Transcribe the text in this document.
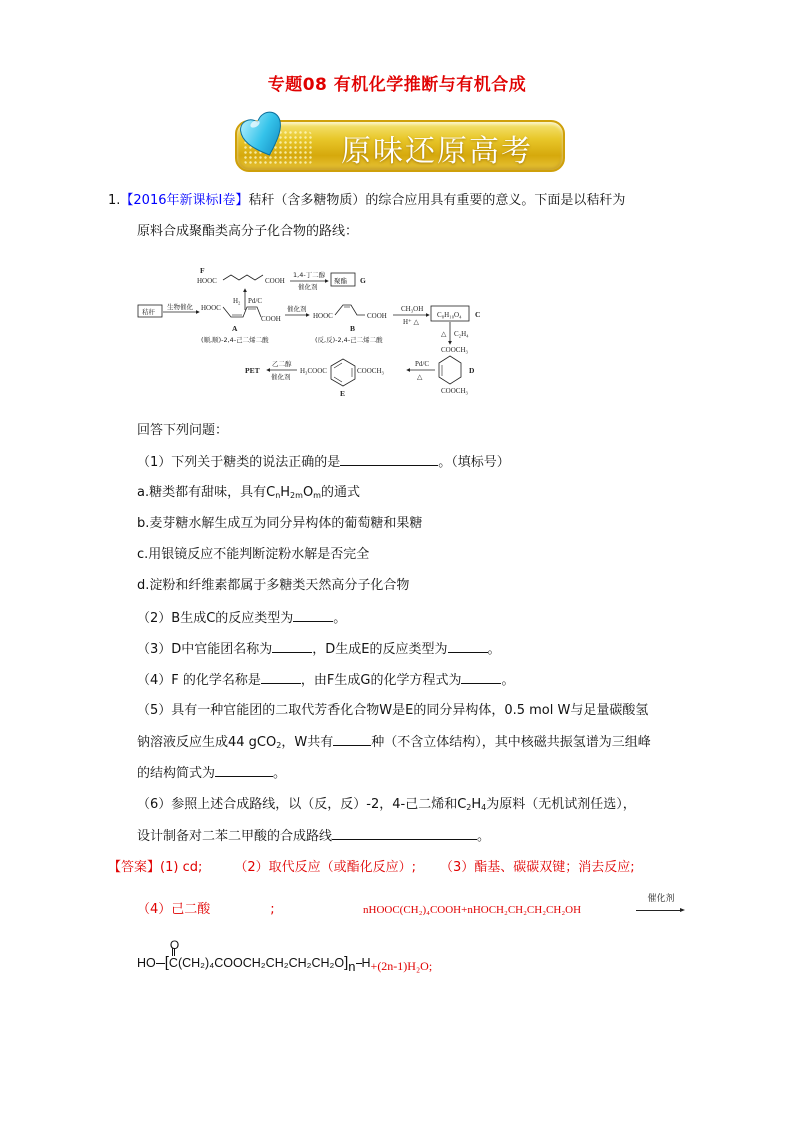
专题08 有机化学推断与有机合成
原味还原高考
1.【2016年新课标Ⅰ卷】秸秆（含多糖物质）的综合应用具有重要的意义。下面是以秸秆为
原料合成聚酯类高分子化合物的路线：
F
HOOC	COOH
1,4-丁二醇
催化剂
聚酯 G
H₂ Pd/C
秸秆
生物催化 HOOC
COOH
A
(顺,顺)-2,4-己二烯二酸
催化剂
HOOC	COOH
B
(反,反)-2,4-己二烯二酸
CH₃OH
H⁺ △
C₈H₁₀O₄ C
△ C₂H₄
COOCH₃
COOCH₃
D
Pd/C
△
COOCH₃
H₃COOC
E
乙二醇
催化剂
PET
回答下列问题：
（1）下列关于糖类的说法正确的是	。（填标号）
a.糖类都有甜味，具有$C_nH_{2m}O_m$的通式
b.麦芽糖水解生成互为同分异构体的葡萄糖和果糖
c.用银镜反应不能判断淀粉水解是否完全
d.淀粉和纤维素都属于多糖类天然高分子化合物
（2）B生成C的反应类型为	。
（3）D中官能团名称为	，D生成E的反应类型为	。
（4）F 的化学名称是	，由F生成G的化学方程式为	。
（5）具有一种官能团的二取代芳香化合物W是E的同分异构体，0.5 mol W与足量碳酸氢
钠溶液反应生成44 gCO$_2$，W共有	种（不含立体结构），其中核磁共振氢谱为三组峰
的结构简式为	。
（6）参照上述合成路线，以（反，反）-2，4-己二烯和$C_2H_4$为原料（无机试剂任选），
设计制备对二苯二甲酸的合成路线	。
【答案】(1) cd; （2）取代反应（或酯化反应）; （3）酯基、碳碳双键；消去反应;
（4）己二酸	;	nHOOC(CH₂)₄COOH+nHOCH₂CH₂CH₂CH₂OH
催化剂
HO [
O
C(CH₂)₄COOCH₂CH₂CH₂CH₂O]n H+(2n-1)H₂O;
